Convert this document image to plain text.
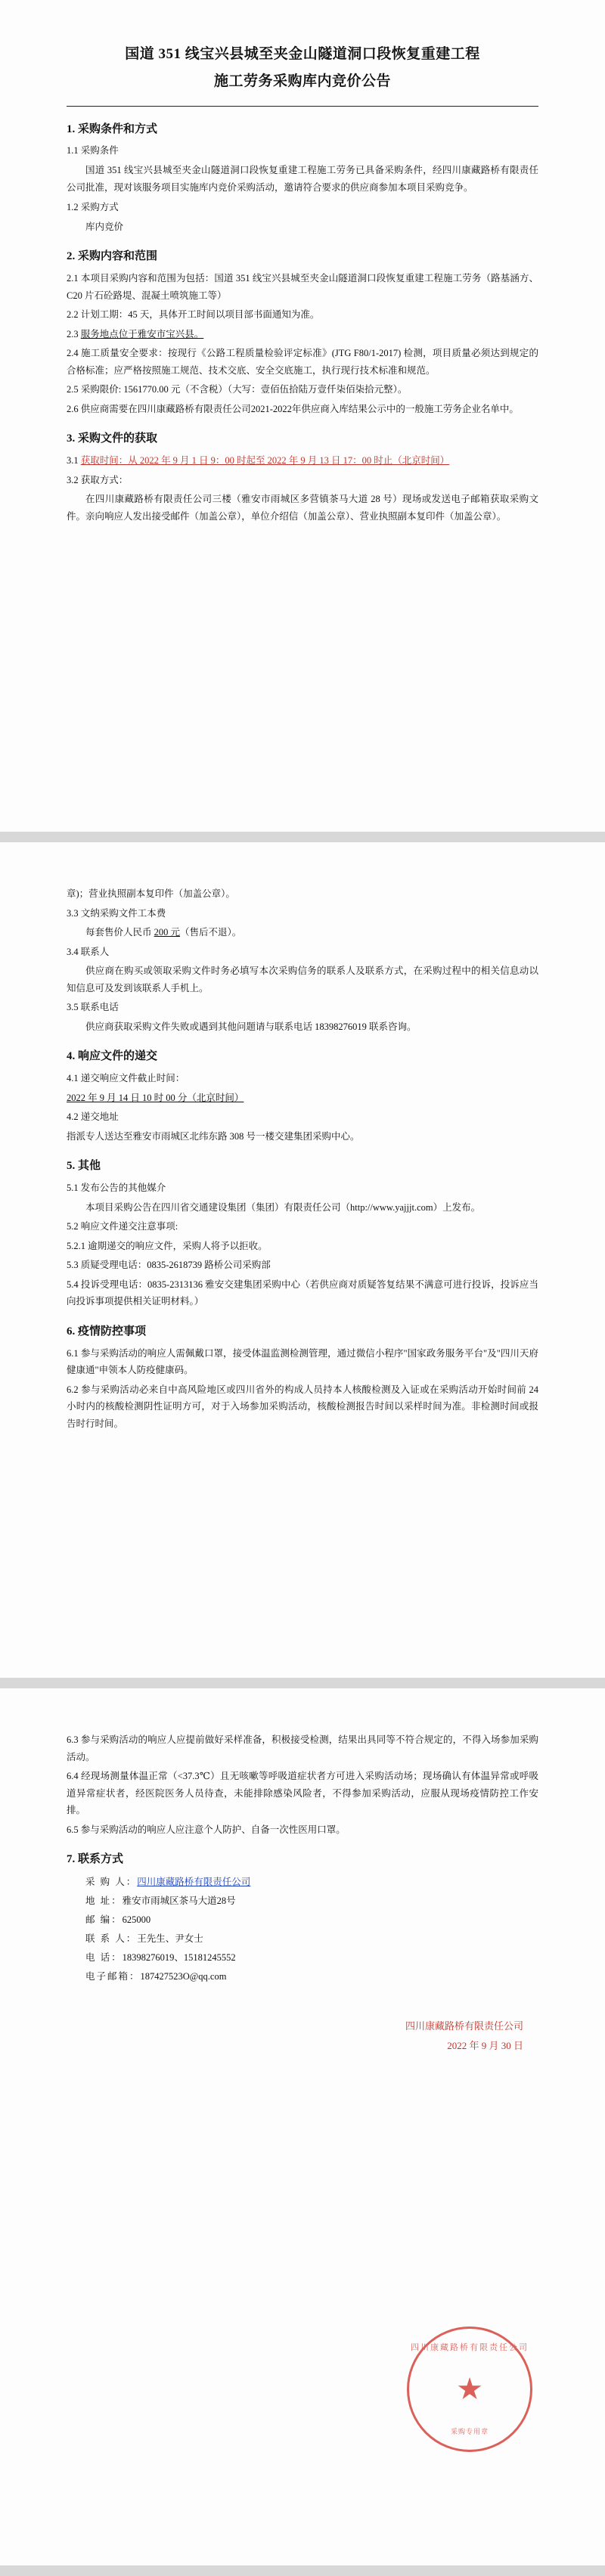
国道 351 线宝兴县城至夹金山隧道洞口段恢复重建工程
施工劳务采购库内竞价公告
1. 采购条件和方式
1.1 采购条件

国道 351 线宝兴县城至夹金山隧道洞口段恢复重建工程施工劳务已具备采购条件，经四川康藏路桥有限责任公司批准，现对该服务项目实施库内竞价采购活动，邀请符合要求的供应商参加本项目采购竞争。

1.2 采购方式

库内竞价

2. 采购内容和范围

2.1 本项目采购内容和范围为包括：国道 351 线宝兴县城至夹金山隧道洞口段恢复重建工程施工劳务（路基涵方、C20 片石砼路堤、混凝土喷筑施工等）

2.2 计划工期：45 天，具体开工时间以项目部书面通知为准。

2.3 服务地点位于雅安市宝兴县。

2.4 施工质量安全要求：按现行《公路工程质量检验评定标准》(JTG F80/1-2017) 检测，项目质量必须达到规定的合格标准；应严格按照施工规范、技术交底、安全交底施工，执行现行技术标准和规范。

2.5 采购限价: 1561770.00 元（不含税）（大写：壹佰伍拾陆万壹仟柒佰柒拾元整）。

2.6 供应商需要在四川康藏路桥有限责任公司2021-2022年供应商入库结果公示中的一般施工劳务企业名单中。

3. 采购文件的获取

3.1 获取时间：从 2022 年 9 月 1 日 9：00 时起至 2022 年 9 月 13 日 17：00 时止（北京时间）

3.2 获取方式：

在四川康藏路桥有限责任公司三楼（雅安市雨城区多营镇茶马大道 28 号）现场或发送电子邮箱获取采购文件。亲向响应人发出接受邮件（加盖公章），单位介绍信（加盖公章）、营业执照副本复印件（加盖公章）。

章)；营业执照副本复印件（加盖公章）。

3.3 文纳采购文件工本费

每套售价人民币 200 元（售后不退）。

3.4 联系人

供应商在购买或领取采购文件时务必填写本次采购信务的联系人及联系方式，在采购过程中的相关信息动以知信息可及发到该联系人手机上。

3.5 联系电话

供应商获取采购文件失败或遇到其他问题请与联系电话 18398276019 联系咨询。

4. 响应文件的递交

4.1 递交响应文件截止时间：

2022 年 9 月 14 日 10 时 00 分（北京时间）

4.2 递交地址

指派专人送达至雅安市雨城区北纬东路 308 号一楼交建集团采购中心。

5. 其他

5.1 发布公告的其他媒介

本项目采购公告在四川省交通建设集团（集团）有限责任公司（http://www.yajjjt.com）上发布。

5.2 响应文件递交注意事项:

5.2.1 逾期递交的响应文件，采购人将予以拒收。

5.3 质疑受理电话：0835-2618739 路桥公司采购部

5.4 投诉受理电话：0835-2313136 雅安交建集团采购中心（若供应商对质疑答复结果不满意可进行投诉，投诉应当向投诉事项提供相关证明材料。）

6. 疫情防控事项

6.1 参与采购活动的响应人需佩戴口罩，接受体温监测检测管理，通过微信小程序"国家政务服务平台"及"四川天府健康通"申领本人防疫健康码。

6.2 参与采购活动必来自中高风险地区或四川省外的构成人员持本人核酸检测及入证或在采购活动开始时间前 24 小时内的核酸检测阴性证明方可，对于入场参加采购活动，核酸检测报告时间以采样时间为准。非检测时间或报告时行时间。

6.3 参与采购活动的响应人应提前做好采样准备，积极接受检测，结果出具同等不符合规定的，不得入场参加采购活动。

6.4 经现场测量体温正常（<37.3℃）且无咳嗽等呼吸道症状者方可进入采购活动场；现场确认有体温异常或呼吸道异常症状者，经医院医务人员待查，未能排除感染风险者，不得参加采购活动，应服从现场疫情防控工作安排。

6.5 参与采购活动的响应人应注意个人防护、自备一次性医用口罩。

7. 联系方式

采 购 人：四川康藏路桥有限责任公司

地 址：雅安市雨城区茶马大道28号

邮 编：625000

联 系 人：王先生、尹女士

电 话：18398276019、15181245552

电子邮箱：187427523O@qq.com

四川康藏路桥有限责任公司
★
采购专用章
四川康藏路桥有限责任公司
2022 年 9 月 30 日
